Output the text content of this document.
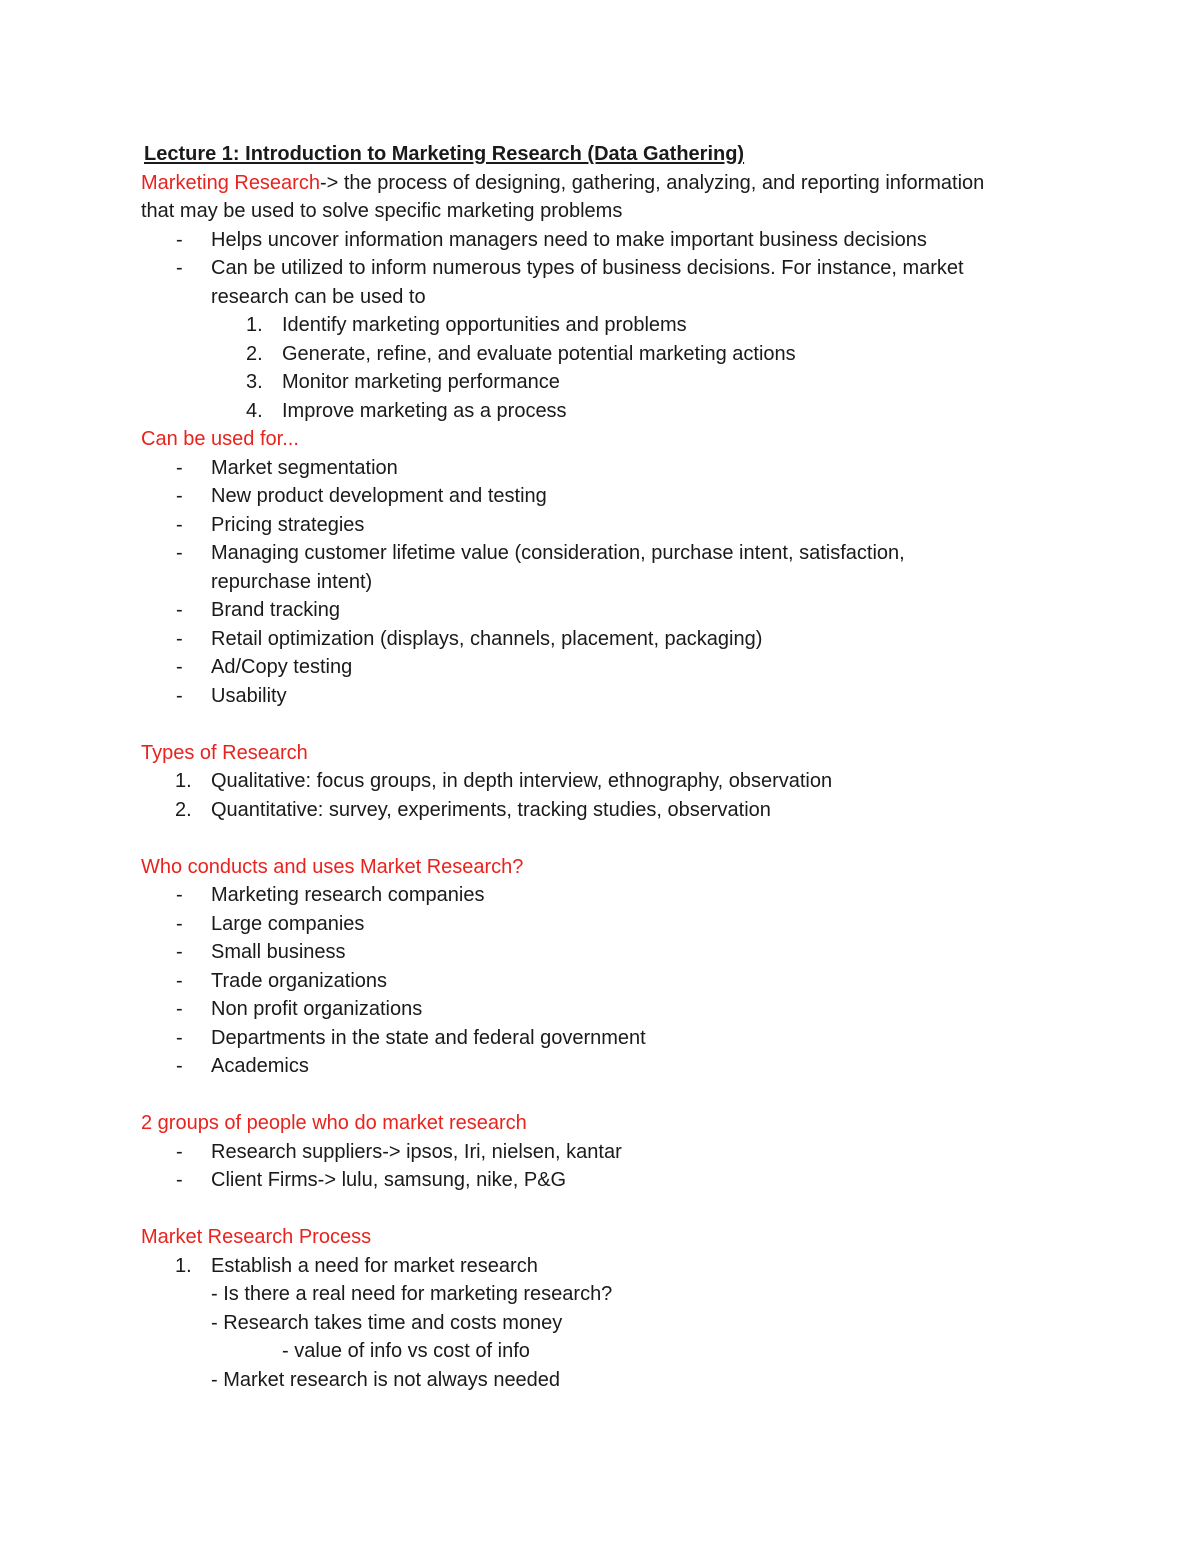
Lecture 1: Introduction to Marketing Research (Data Gathering)
Marketing Research-> the process of designing, gathering, analyzing, and reporting information
that may be used to solve specific marketing problems
- Helps uncover information managers need to make important business decisions
- Can be utilized to inform numerous types of business decisions. For instance, market
research can be used to
1. Identify marketing opportunities and problems
2. Generate, refine, and evaluate potential marketing actions
3. Monitor marketing performance
4. Improve marketing as a process
Can be used for...
- Market segmentation
- New product development and testing
- Pricing strategies
- Managing customer lifetime value (consideration, purchase intent, satisfaction,
repurchase intent)
- Brand tracking
- Retail optimization (displays, channels, placement, packaging)
- Ad/Copy testing
- Usability
Types of Research
1. Qualitative: focus groups, in depth interview, ethnography, observation
2. Quantitative: survey, experiments, tracking studies, observation
Who conducts and uses Market Research?
- Marketing research companies
- Large companies
- Small business
- Trade organizations
- Non profit organizations
- Departments in the state and federal government
- Academics
2 groups of people who do market research
- Research suppliers-> ipsos, Iri, nielsen, kantar
- Client Firms-> lulu, samsung, nike, P&G
Market Research Process
1. Establish a need for market research
- Is there a real need for marketing research?
- Research takes time and costs money
- value of info vs cost of info
- Market research is not always needed
